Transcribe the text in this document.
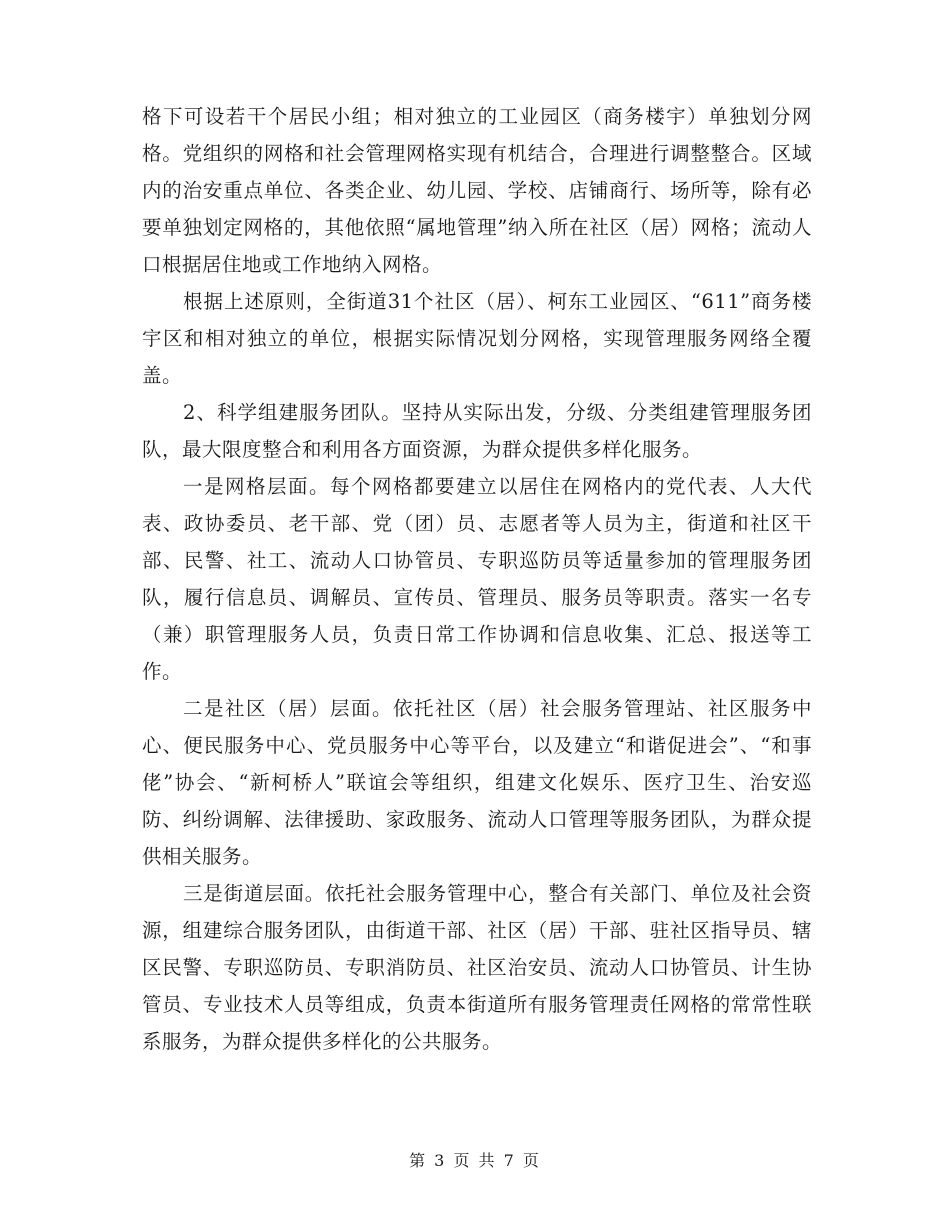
格下可设若干个居民小组；相对独立的工业园区（商务楼宇）单独划分网格。党组织的网格和社会管理网格实现有机结合，合理进行调整整合。区域内的治安重点单位、各类企业、幼儿园、学校、店铺商行、场所等，除有必要单独划定网格的，其他依照“属地管理”纳入所在社区（居）网格；流动人口根据居住地或工作地纳入网格。

根据上述原则，全街道31个社区（居）、柯东工业园区、“611”商务楼宇区和相对独立的单位，根据实际情况划分网格，实现管理服务网络全覆盖。

2、科学组建服务团队。坚持从实际出发，分级、分类组建管理服务团队，最大限度整合和利用各方面资源，为群众提供多样化服务。

一是网格层面。每个网格都要建立以居住在网格内的党代表、人大代表、政协委员、老干部、党（团）员、志愿者等人员为主，街道和社区干部、民警、社工、流动人口协管员、专职巡防员等适量参加的管理服务团队，履行信息员、调解员、宣传员、管理员、服务员等职责。落实一名专（兼）职管理服务人员，负责日常工作协调和信息收集、汇总、报送等工作。

二是社区（居）层面。依托社区（居）社会服务管理站、社区服务中心、便民服务中心、党员服务中心等平台，以及建立“和谐促进会”、“和事佬”协会、“新柯桥人”联谊会等组织，组建文化娱乐、医疗卫生、治安巡防、纠纷调解、法律援助、家政服务、流动人口管理等服务团队，为群众提供相关服务。

三是街道层面。依托社会服务管理中心，整合有关部门、单位及社会资源，组建综合服务团队，由街道干部、社区（居）干部、驻社区指导员、辖区民警、专职巡防员、专职消防员、社区治安员、流动人口协管员、计生协管员、专业技术人员等组成，负责本街道所有服务管理责任网格的常常性联系服务，为群众提供多样化的公共服务。

第 3 页 共 7 页
